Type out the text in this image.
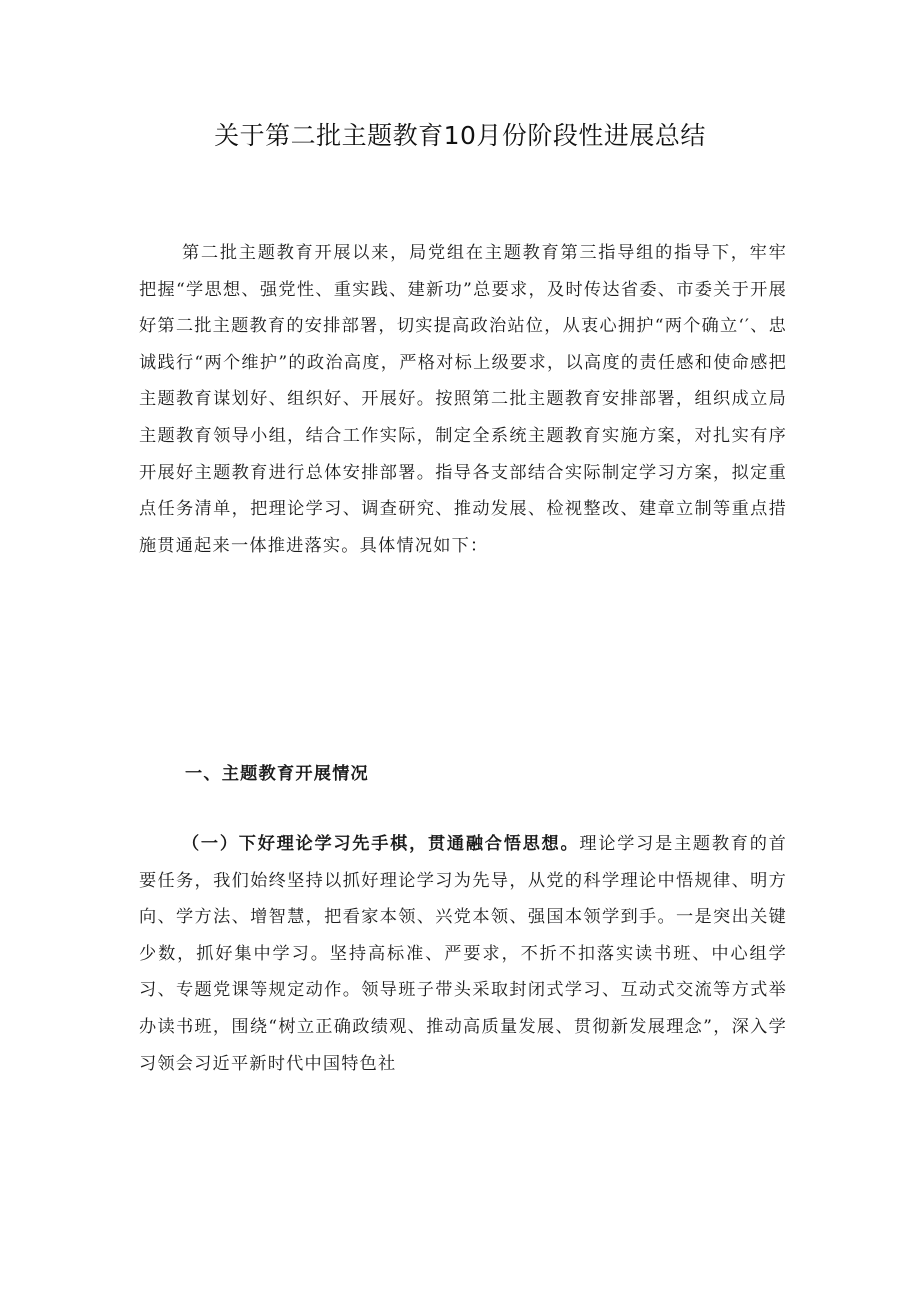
关于第二批主题教育10月份阶段性进展总结

第二批主题教育开展以来，局党组在主题教育第三指导组的指导下，牢牢把握“学思想、强党性、重实践、建新功”总要求，及时传达省委、市委关于开展好第二批主题教育的安排部署，切实提高政治站位，从衷心拥护“两个确立‘′、忠诚践行“两个维护”的政治高度，严格对标上级要求，以高度的责任感和使命感把主题教育谋划好、组织好、开展好。按照第二批主题教育安排部署，组织成立局主题教育领导小组，结合工作实际，制定全系统主题教育实施方案，对扎实有序开展好主题教育进行总体安排部署。指导各支部结合实际制定学习方案，拟定重点任务清单，把理论学习、调查研究、推动发展、检视整改、建章立制等重点措施贯通起来一体推进落实。具体情况如下：

一、主题教育开展情况

（一）下好理论学习先手棋，贯通融合悟思想。理论学习是主题教育的首要任务，我们始终坚持以抓好理论学习为先导，从党的科学理论中悟规律、明方向、学方法、增智慧，把看家本领、兴党本领、强国本领学到手。一是突出关键少数，抓好集中学习。坚持高标准、严要求，不折不扣落实读书班、中心组学习、专题党课等规定动作。领导班子带头采取封闭式学习、互动式交流等方式举办读书班，围绕“树立正确政绩观、推动高质量发展、贯彻新发展理念”，深入学习领会习近平新时代中国特色社
